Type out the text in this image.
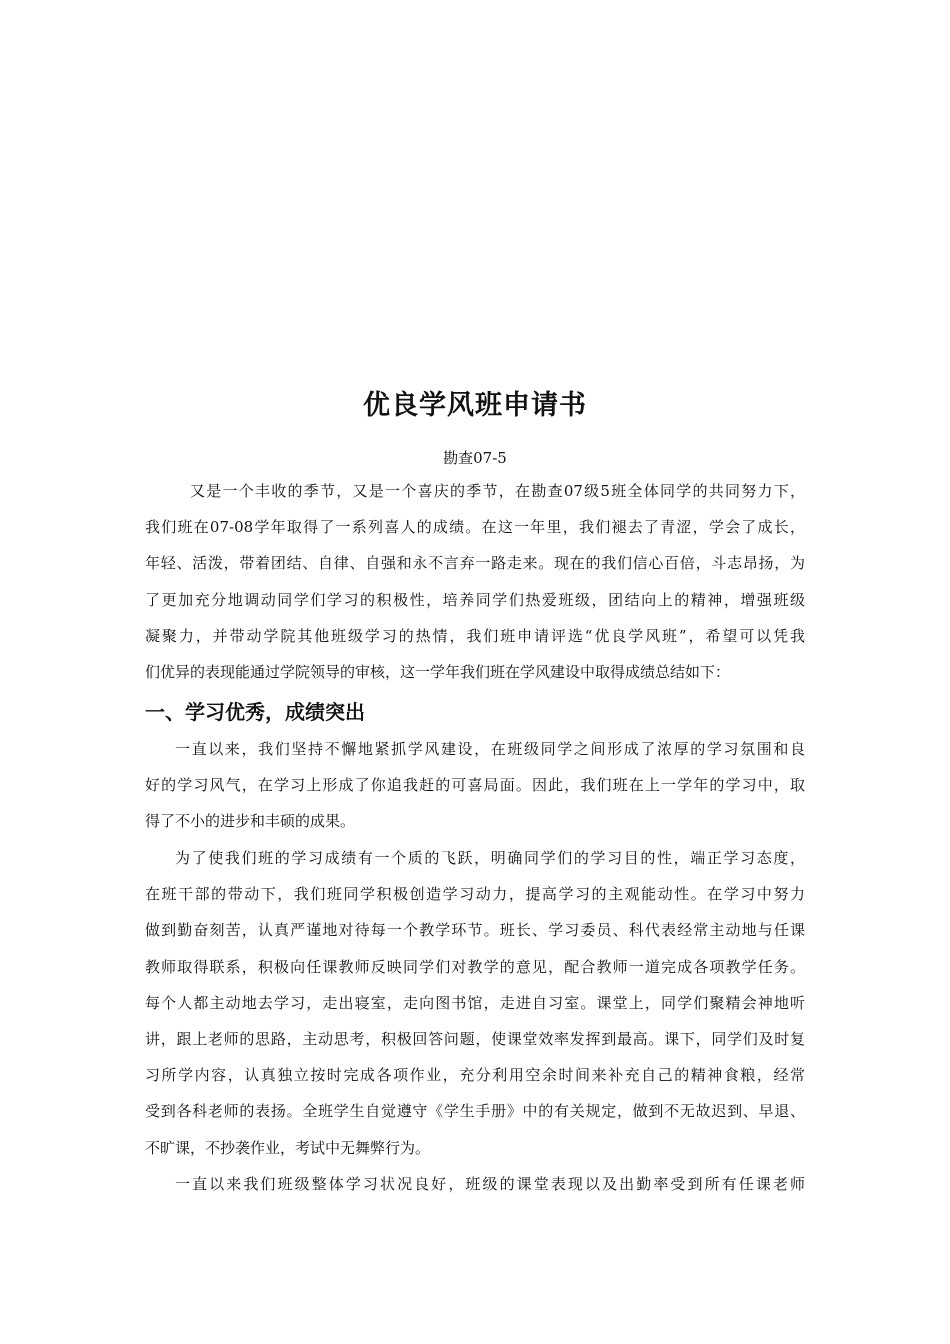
优良学风班申请书
勘查07-5
又是一个丰收的季节，又是一个喜庆的季节，在勘查07级5班全体同学的共同努力下，
我们班在07-08学年取得了一系列喜人的成绩。在这一年里，我们褪去了青涩，学会了成长，
年轻、活泼，带着团结、自律、自强和永不言弃一路走来。现在的我们信心百倍，斗志昂扬，为
了更加充分地调动同学们学习的积极性，培养同学们热爱班级，团结向上的精神，增强班级
凝聚力，并带动学院其他班级学习的热情，我们班申请评选“优良学风班”，希望可以凭我
们优异的表现能通过学院领导的审核，这一学年我们班在学风建设中取得成绩总结如下：
一、学习优秀，成绩突出
一直以来，我们坚持不懈地紧抓学风建设，在班级同学之间形成了浓厚的学习氛围和良
好的学习风气，在学习上形成了你追我赶的可喜局面。因此，我们班在上一学年的学习中，取
得了不小的进步和丰硕的成果。
为了使我们班的学习成绩有一个质的飞跃，明确同学们的学习目的性，端正学习态度，
在班干部的带动下，我们班同学积极创造学习动力，提高学习的主观能动性。在学习中努力
做到勤奋刻苦，认真严谨地对待每一个教学环节。班长、学习委员、科代表经常主动地与任课
教师取得联系，积极向任课教师反映同学们对教学的意见，配合教师一道完成各项教学任务。
每个人都主动地去学习，走出寝室，走向图书馆，走进自习室。课堂上，同学们聚精会神地听
讲，跟上老师的思路，主动思考，积极回答问题，使课堂效率发挥到最高。课下，同学们及时复
习所学内容，认真独立按时完成各项作业，充分利用空余时间来补充自己的精神食粮，经常
受到各科老师的表扬。全班学生自觉遵守《学生手册》中的有关规定，做到不无故迟到、早退、
不旷课，不抄袭作业，考试中无舞弊行为。
一直以来我们班级整体学习状况良好，班级的课堂表现以及出勤率受到所有任课老师
